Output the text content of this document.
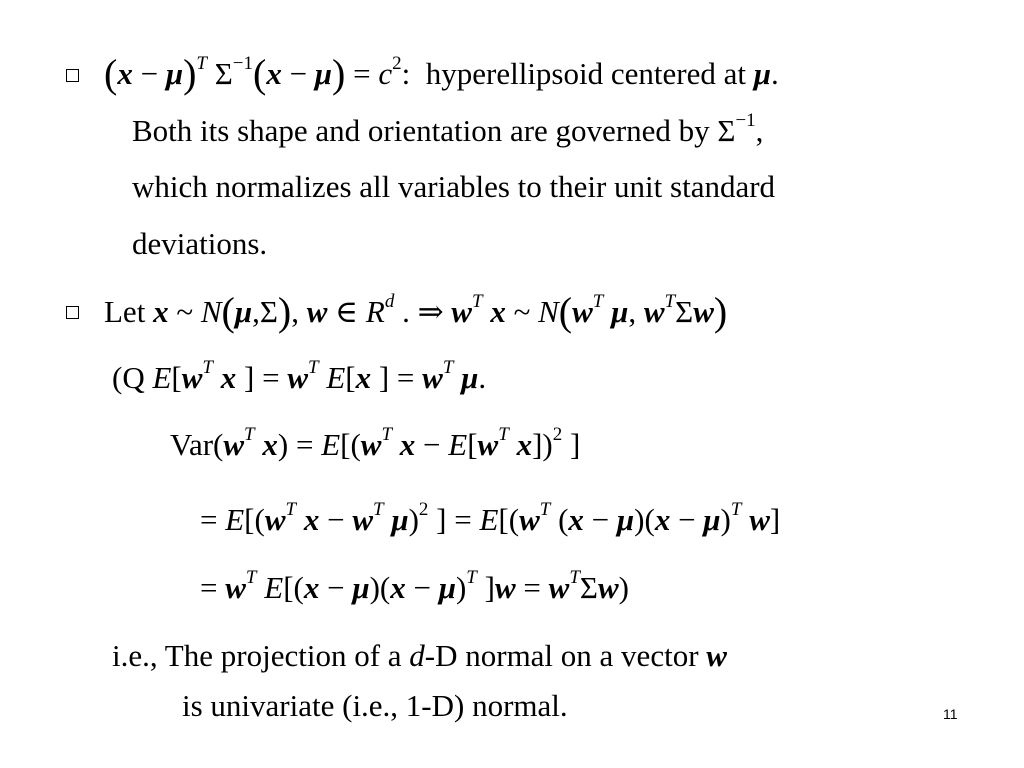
$(x - \mu)^T$ $\Sigma^{-1}(x - \mu) = c^2$: hyperellipsoid centered at μ.
Both its shape and orientation are governed by $\Sigma^{-1}$,
which normalizes all variables to their unit standard
deviations.
Let x ~ N(μ,Σ), w ∈ $R^d$ . ⇒ $w^T$ x ~ $N(w^T$ μ, $w^T\Sigma w$)
(Q $E[w^T$ x ] = $w^T$ E[x ] = $w^T$ μ.
$Var(w^T$ $x) = E[(w^T$ $x - E[w^T$ x])$^2$ ]
= $E[(w^T$ $x - w^T$ μ)$^2$ ] = $E[(w^T$ $(x - \mu)(x - \mu)^T$ w]
= $w^T$ $E[(x - \mu)(x - \mu)^T$ ]$w = w^T\Sigma w$)
i.e., The projection of a d-D normal on a vector w
is univariate (i.e., 1-D) normal.	11
